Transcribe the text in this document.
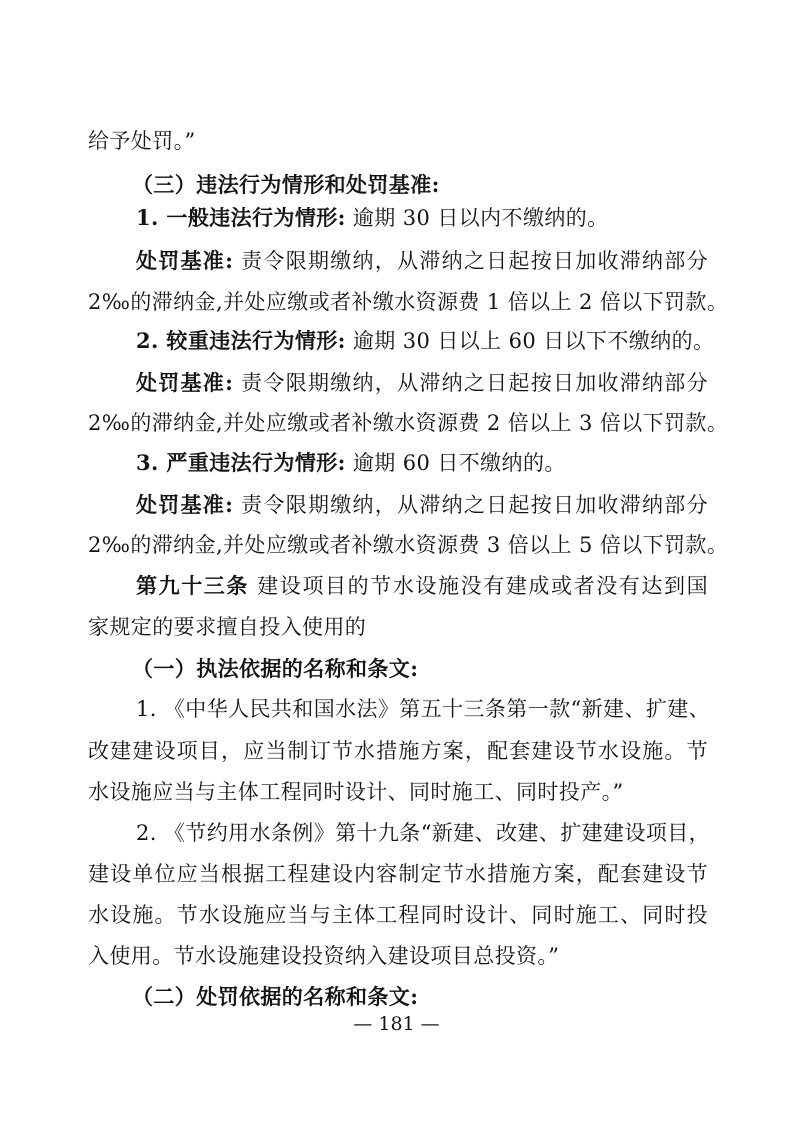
给予处罚。”
（三）违法行为情形和处罚基准:
1. 一般违法行为情形: 逾期 30 日以内不缴纳的。
处罚基准: 责令限期缴纳，从滞纳之日起按日加收滞纳部分
2‰的滞纳金,并处应缴或者补缴水资源费 1 倍以上 2 倍以下罚款。
2. 较重违法行为情形: 逾期 30 日以上 60 日以下不缴纳的。
处罚基准: 责令限期缴纳，从滞纳之日起按日加收滞纳部分
2‰的滞纳金,并处应缴或者补缴水资源费 2 倍以上 3 倍以下罚款。
3. 严重违法行为情形: 逾期 60 日不缴纳的。
处罚基准: 责令限期缴纳，从滞纳之日起按日加收滞纳部分
2‰的滞纳金,并处应缴或者补缴水资源费 3 倍以上 5 倍以下罚款。
第九十三条 建设项目的节水设施没有建成或者没有达到国
家规定的要求擅自投入使用的
（一）执法依据的名称和条文:
1. 《中华人民共和国水法》第五十三条第一款“新建、扩建、
改建建设项目，应当制订节水措施方案，配套建设节水设施。节
水设施应当与主体工程同时设计、同时施工、同时投产。”
2. 《节约用水条例》第十九条“新建、改建、扩建建设项目，
建设单位应当根据工程建设内容制定节水措施方案，配套建设节
水设施。节水设施应当与主体工程同时设计、同时施工、同时投
入使用。节水设施建设投资纳入建设项目总投资。”
（二）处罚依据的名称和条文:
— 181 —
